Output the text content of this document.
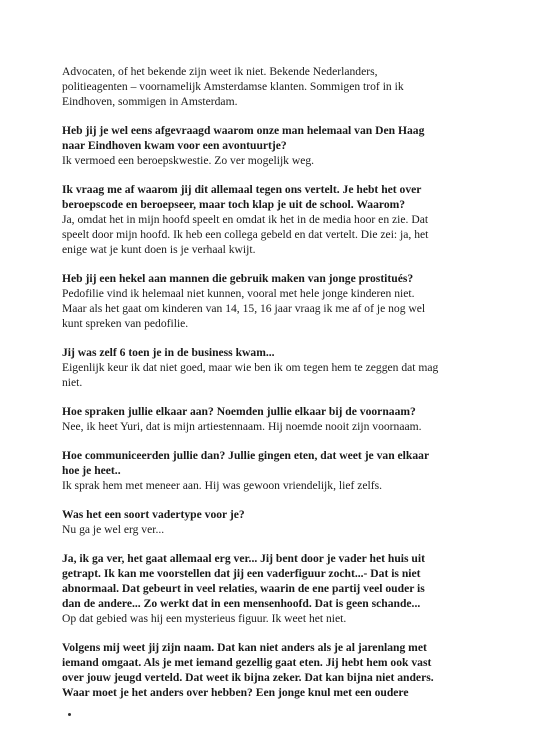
Advocaten, of het bekende zijn weet ik niet. Bekende Nederlanders,
politieagenten – voornamelijk Amsterdamse klanten. Sommigen trof in ik
Eindhoven, sommigen in Amsterdam.
Heb jij je wel eens afgevraagd waarom onze man helemaal van Den Haag
naar Eindhoven kwam voor een avontuurtje?
Ik vermoed een beroepskwestie. Zo ver mogelijk weg.
Ik vraag me af waarom jij dit allemaal tegen ons vertelt. Je hebt het over
beroepscode en beroepseer, maar toch klap je uit de school. Waarom?
Ja, omdat het in mijn hoofd speelt en omdat ik het in de media hoor en zie. Dat
speelt door mijn hoofd. Ik heb een collega gebeld en dat vertelt. Die zei: ja, het
enige wat je kunt doen is je verhaal kwijt.
Heb jij een hekel aan mannen die gebruik maken van jonge prostitués?
Pedofilie vind ik helemaal niet kunnen, vooral met hele jonge kinderen niet.
Maar als het gaat om kinderen van 14, 15, 16 jaar vraag ik me af of je nog wel
kunt spreken van pedofilie.
Jij was zelf 6 toen je in de business kwam...
Eigenlijk keur ik dat niet goed, maar wie ben ik om tegen hem te zeggen dat mag
niet.
Hoe spraken jullie elkaar aan? Noemden jullie elkaar bij de voornaam?
Nee, ik heet Yuri, dat is mijn artiestennaam. Hij noemde nooit zijn voornaam.
Hoe communiceerden jullie dan? Jullie gingen eten, dat weet je van elkaar
hoe je heet..
Ik sprak hem met meneer aan. Hij was gewoon vriendelijk, lief zelfs.
Was het een soort vadertype voor je?
Nu ga je wel erg ver...
Ja, ik ga ver, het gaat allemaal erg ver... Jij bent door je vader het huis uit
getrapt. Ik kan me voorstellen dat jij een vaderfiguur zocht...- Dat is niet
abnormaal. Dat gebeurt in veel relaties, waarin de ene partij veel ouder is
dan de andere... Zo werkt dat in een mensenhoofd. Dat is geen schande...
Op dat gebied was hij een mysterieus figuur. Ik weet het niet.
Volgens mij weet jij zijn naam. Dat kan niet anders als je al jarenlang met
iemand omgaat. Als je met iemand gezellig gaat eten. Jij hebt hem ook vast
over jouw jeugd verteld. Dat weet ik bijna zeker. Dat kan bijna niet anders.
Waar moet je het anders over hebben? Een jonge knul met een oudere
